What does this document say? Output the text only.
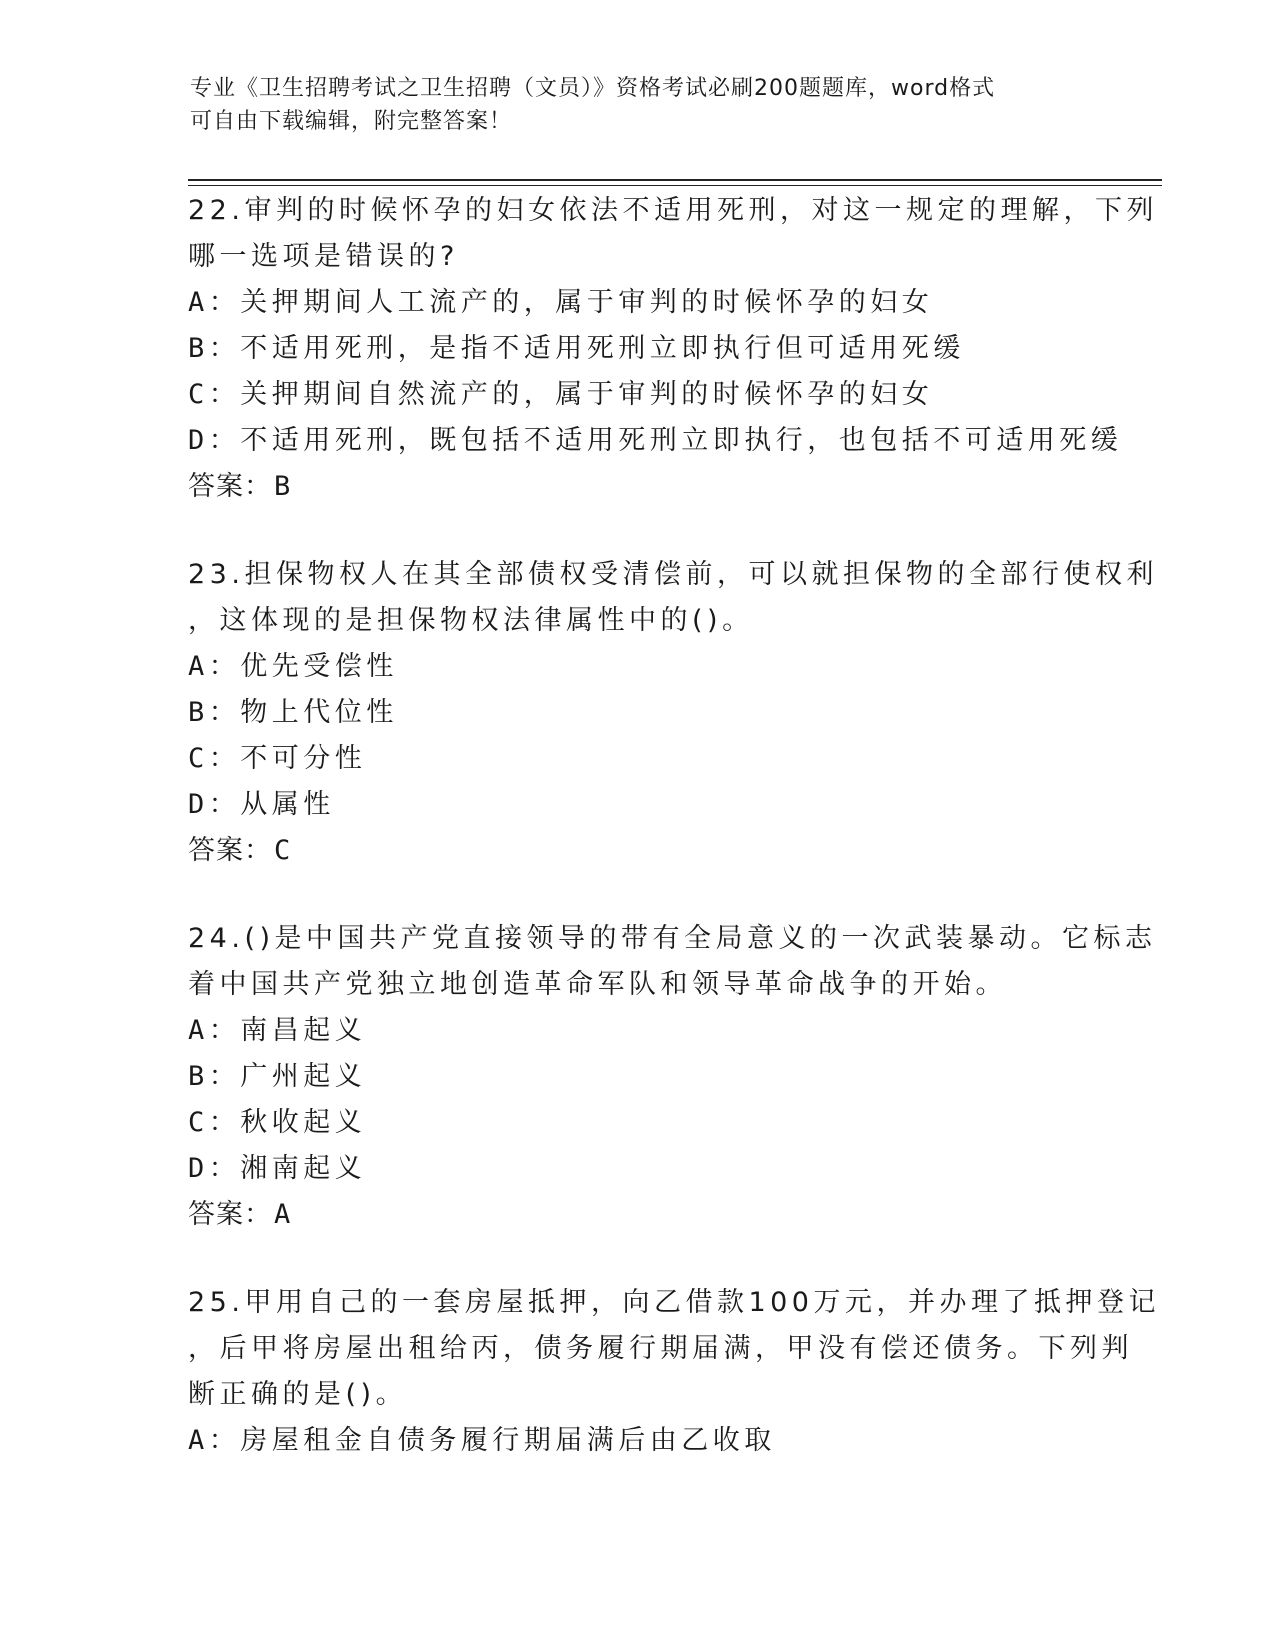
专业《卫生招聘考试之卫生招聘（文员）》资格考试必刷200题题库，word格式
可自由下载编辑，附完整答案！
22.审判的时候怀孕的妇女依法不适用死刑，对这一规定的理解，下列
哪一选项是错误的?
A：关押期间人工流产的，属于审判的时候怀孕的妇女
B：不适用死刑，是指不适用死刑立即执行但可适用死缓
C：关押期间自然流产的，属于审判的时候怀孕的妇女
D：不适用死刑，既包括不适用死刑立即执行，也包括不可适用死缓
答案：B
23.担保物权人在其全部债权受清偿前，可以就担保物的全部行使权利
，这体现的是担保物权法律属性中的()。
A：优先受偿性
B：物上代位性
C：不可分性
D：从属性
答案：C
24.()是中国共产党直接领导的带有全局意义的一次武装暴动。它标志
着中国共产党独立地创造革命军队和领导革命战争的开始。
A：南昌起义
B：广州起义
C：秋收起义
D：湘南起义
答案：A
25.甲用自己的一套房屋抵押，向乙借款100万元，并办理了抵押登记
，后甲将房屋出租给丙，债务履行期届满，甲没有偿还债务。下列判
断正确的是()。
A：房屋租金自债务履行期届满后由乙收取
